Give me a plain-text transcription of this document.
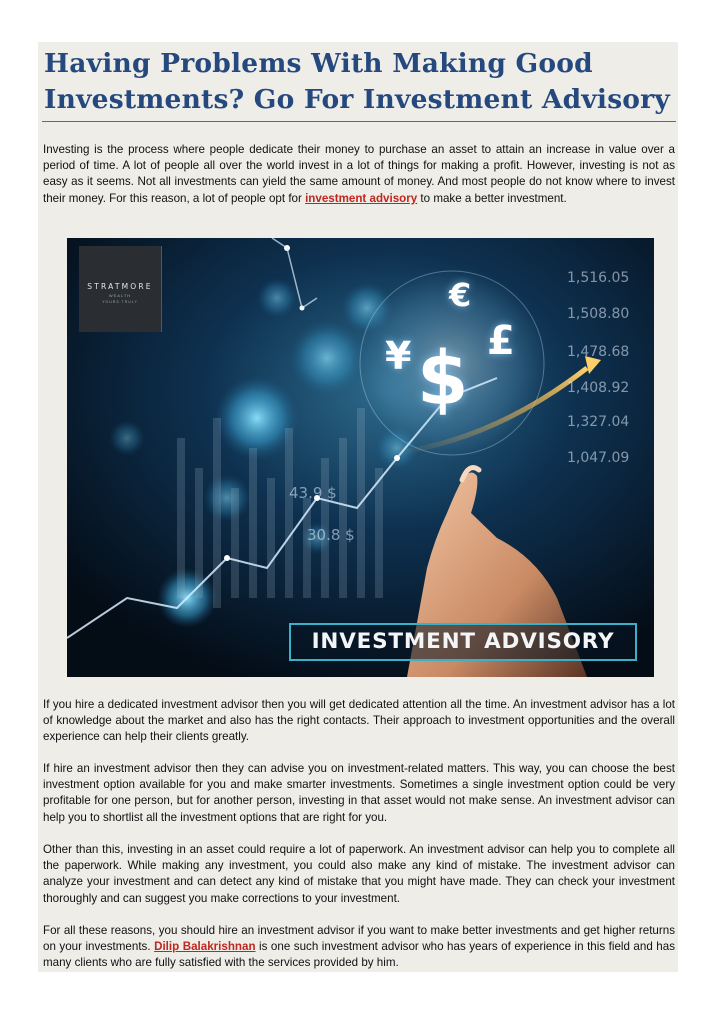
Having Problems With Making Good Investments? Go For Investment Advisory

Investing is the process where people dedicate their money to purchase an asset to attain an increase in value over a period of time. A lot of people all over the world invest in a lot of things for making a profit. However, investing is not as easy as it seems. Not all investments can yield the same amount of money. And most people do not know where to invest their money. For this reason, a lot of people opt for investment advisory to make a better investment.

STRATMORE
WEALTH
YOURS TRULY
1,516.05
1,508.80
1,478.68
1,408.92
1,327.04
1,047.09
43.9 $
30.8 $
$
¥ £
€
INVESTMENT ADVISORY

If you hire a dedicated investment advisor then you will get dedicated attention all the time. An investment advisor has a lot of knowledge about the market and also has the right contacts. Their approach to investment opportunities and the overall experience can help their clients greatly.

If hire an investment advisor then they can advise you on investment-related matters. This way, you can choose the best investment option available for you and make smarter investments. Sometimes a single investment option could be very profitable for one person, but for another person, investing in that asset would not make sense. An investment advisor can help you to shortlist all the investment options that are right for you.

Other than this, investing in an asset could require a lot of paperwork. An investment advisor can help you to complete all the paperwork. While making any investment, you could also make any kind of mistake. The investment advisor can analyze your investment and can detect any kind of mistake that you might have made. They can check your investment thoroughly and can suggest you make corrections to your investment.

For all these reasons, you should hire an investment advisor if you want to make better investments and get higher returns on your investments. Dilip Balakrishnan is one such investment advisor who has years of experience in this field and has many clients who are fully satisfied with the services provided by him.
